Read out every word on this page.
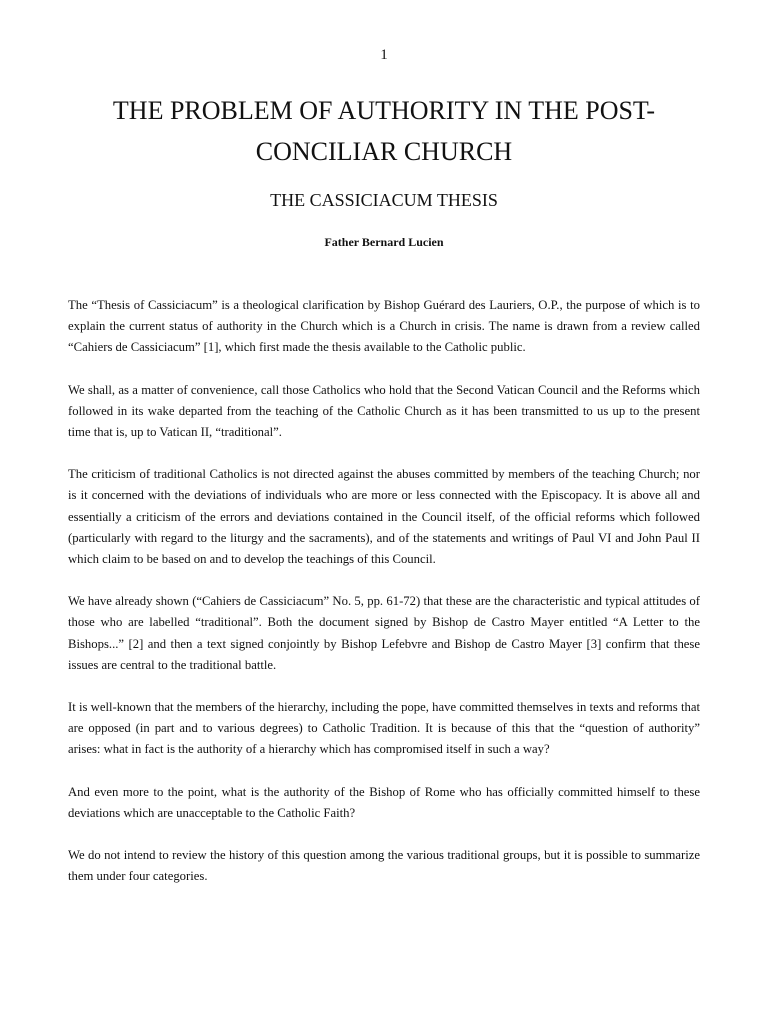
1
THE PROBLEM OF AUTHORITY IN THE POST-CONCILIAR CHURCH
THE CASSICIACUM THESIS
Father Bernard Lucien

The “Thesis of Cassiciacum” is a theological clarification by Bishop Guérard des Lauriers, O.P., the purpose of which is to explain the current status of authority in the Church which is a Church in crisis. The name is drawn from a review called “Cahiers de Cassiciacum” [1], which first made the thesis available to the Catholic public.

We shall, as a matter of convenience, call those Catholics who hold that the Second Vatican Council and the Reforms which followed in its wake departed from the teaching of the Catholic Church as it has been transmitted to us up to the present time that is, up to Vatican II, “traditional”.

The criticism of traditional Catholics is not directed against the abuses committed by members of the teaching Church; nor is it concerned with the deviations of individuals who are more or less connected with the Episcopacy. It is above all and essentially a criticism of the errors and deviations contained in the Council itself, of the official reforms which followed (particularly with regard to the liturgy and the sacraments), and of the statements and writings of Paul VI and John Paul II which claim to be based on and to develop the teachings of this Council.

We have already shown (“Cahiers de Cassiciacum” No. 5, pp. 61-72) that these are the characteristic and typical attitudes of those who are labelled “traditional”. Both the document signed by Bishop de Castro Mayer entitled “A Letter to the Bishops...” [2] and then a text signed conjointly by Bishop Lefebvre and Bishop de Castro Mayer [3] confirm that these issues are central to the traditional battle.

It is well-known that the members of the hierarchy, including the pope, have committed themselves in texts and reforms that are opposed (in part and to various degrees) to Catholic Tradition. It is because of this that the “question of authority” arises: what in fact is the authority of a hierarchy which has compromised itself in such a way?

And even more to the point, what is the authority of the Bishop of Rome who has officially committed himself to these deviations which are unacceptable to the Catholic Faith?

We do not intend to review the history of this question among the various traditional groups, but it is possible to summarize them under four categories.
